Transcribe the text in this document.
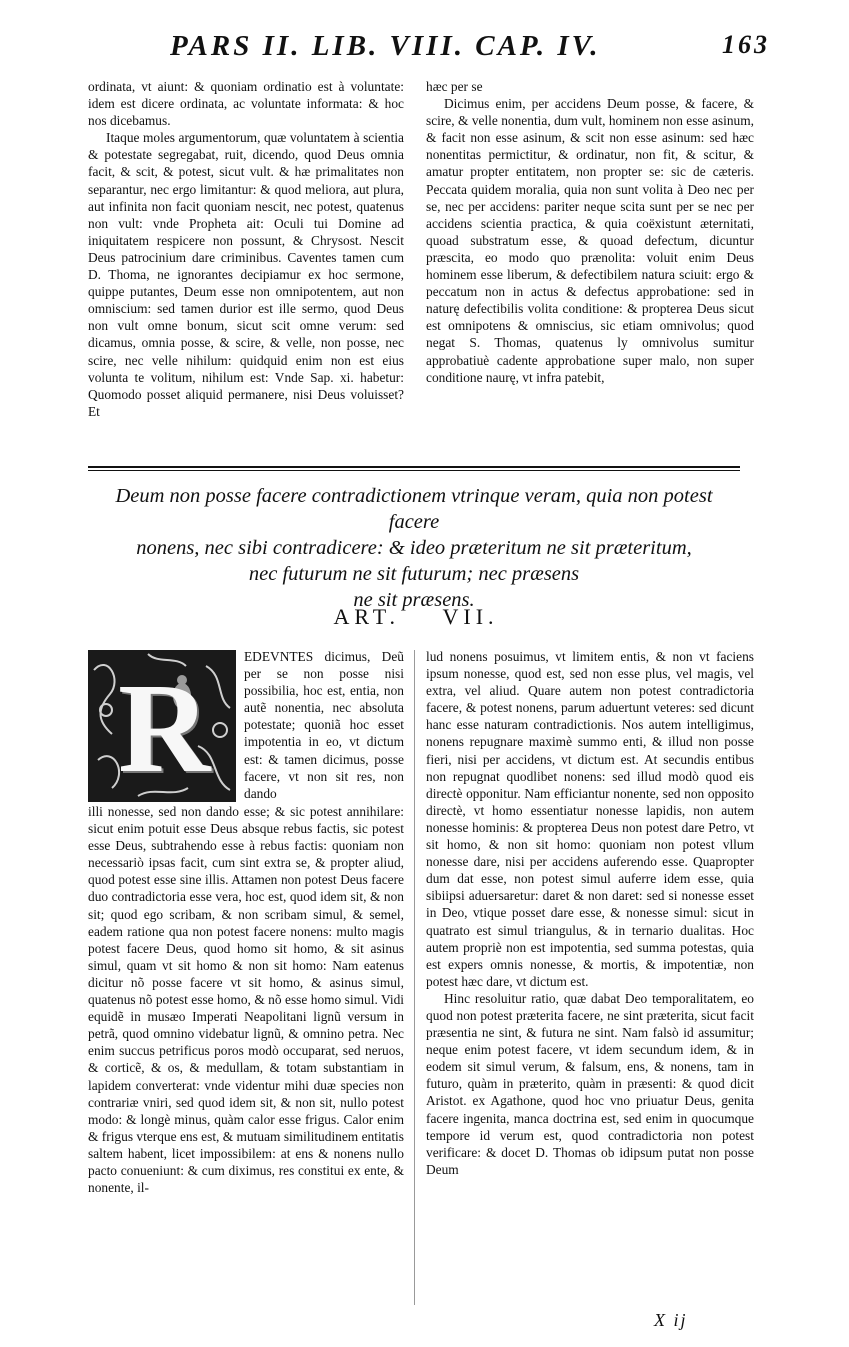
PARS II. LIB. VIII. CAP. IV.	163

ordinata, vt aiunt: & quoniam ordinatio est à voluntate: idem est dicere ordinata, ac voluntate informata: & hoc nos dicebamus.

Itaque moles argumentorum, quæ voluntatem à scientia & potestate segregabat, ruit, dicendo, quod Deus omnia facit, & scit, & potest, sicut vult. & hæ primalitates non separantur, nec ergo limitantur: & quod meliora, aut plura, aut infinita non facit quoniam nescit, nec potest, quatenus non vult: vnde Propheta ait: Oculi tui Domine ad iniquitatem respicere non possunt, & Chrysost. Nescit Deus patrocinium dare criminibus. Caventes tamen cum D. Thoma, ne ignorantes decipiamur ex hoc sermone, quippe putantes, Deum esse non omnipotentem, aut non omniscium: sed tamen durior est ille sermo, quod Deus non vult omne bonum, sicut scit omne verum: sed dicamus, omnia posse, & scire, & velle, non posse, nec scire, nec velle nihilum: quidquid enim non est eius volunta te volitum, nihilum est: Vnde Sap. xi. habetur: Quomodo posset aliquid permanere, nisi Deus voluisset? Et

hæc per se

Dicimus enim, per accidens Deum posse, & facere, & scire, & velle nonentia, dum vult, hominem non esse asinum, & facit non esse asinum, & scit non esse asinum: sed hæc nonentitas permictitur, & ordinatur, non fit, & scitur, & amatur propter entitatem, non propter se: sic de cæteris. Peccata quidem moralia, quia non sunt volita à Deo nec per se, nec per accidens: pariter neque scita sunt per se nec per accidens scientia practica, & quia coëxistunt æternitati, quoad substratum esse, & quoad defectum, dicuntur præscita, eo modo quo prænolita: voluit enim Deus hominem esse liberum, & defectibilem natura sciuit: ergo & peccatum non in actus & defectus approbatione: sed in naturę defectibilis volita conditione: & propterea Deus sicut est omnipotens & omniscius, sic etiam omnivolus; quod negat S. Thomas, quatenus ly omnivolus sumitur approbatiuè cadente approbatione super malo, non super conditione naurę, vt infra patebit,

Deum non posse facere contradictionem vtrinque veram, quia non potest facere
nonens, nec sibi contradicere: & ideo præteritum ne sit præteritum,
nec futurum ne sit futurum; nec præsens
ne sit præsens.
ART. VII.
R

EDEVNTES dicimus, Deũ per se non posse nisi possibilia, hoc est, entia, non autẽ nonentia, nec absoluta potestate; quoniã hoc esset impotentia in eo, vt dictum est: & tamen dicimus, posse facere, vt non sit res, non dando

illi nonesse, sed non dando esse; & sic potest annihilare: sicut enim potuit esse Deus absque rebus factis, sic potest esse Deus, subtrahendo esse à rebus factis: quoniam non necessariò ipsas facit, cum sint extra se, & propter aliud, quod potest esse sine illis. Attamen non potest Deus facere duo contradictoria esse vera, hoc est, quod idem sit, & non sit; quod ego scribam, & non scribam simul, & semel, eadem ratione qua non potest facere nonens: multo magis potest facere Deus, quod homo sit homo, & sit asinus simul, quam vt sit homo & non sit homo: Nam eatenus dicitur nõ posse facere vt sit homo, & asinus simul, quatenus nõ potest esse homo, & nõ esse homo simul. Vidi equidẽ in musæo Imperati Neapolitani lignũ versum in petrã, quod omnino videbatur lignũ, & omnino petra. Nec enim succus petrificus poros modò occuparat, sed neruos, & corticẽ, & os, & medullam, & totam substantiam in lapidem converterat: vnde videntur mihi duæ species non contrariæ vniri, sed quod idem sit, & non sit, nullo potest modo: & longè minus, quàm calor esse frigus. Calor enim & frigus vterque ens est, & mutuam similitudinem entitatis saltem habent, licet impossibilem: at ens & nonens nullo pacto conueniunt: & cum diximus, res constitui ex ente, & nonente, il-

lud nonens posuimus, vt limitem entis, & non vt faciens ipsum nonesse, quod est, sed non esse plus, vel magis, vel extra, vel aliud. Quare autem non potest contradictoria facere, & potest nonens, parum aduertunt veteres: sed dicunt hanc esse naturam contradictionis. Nos autem intelligimus, nonens repugnare maximè summo enti, & illud non posse fieri, nisi per accidens, vt dictum est. At secundis entibus non repugnat quodlibet nonens: sed illud modò quod eis directè opponitur. Nam efficiantur nonente, sed non opposito directè, vt homo essentiatur nonesse lapidis, non autem nonesse hominis: & propterea Deus non potest dare Petro, vt sit homo, & non sit homo: quoniam non potest vllum nonesse dare, nisi per accidens auferendo esse. Quapropter dum dat esse, non potest simul auferre idem esse, quia sibiipsi aduersaretur: daret & non daret: sed si nonesse esset in Deo, vtique posset dare esse, & nonesse simul: sicut in quatrato est simul triangulus, & in ternario dualitas. Hoc autem propriè non est impotentia, sed summa potestas, quia est expers omnis nonesse, & mortis, & impotentiæ, non potest hæc dare, vt dictum est.

Hinc resoluitur ratio, quæ dabat Deo temporalitatem, eo quod non potest præterita facere, ne sint præterita, sicut facit præsentia ne sint, & futura ne sint. Nam falsò id assumitur; neque enim potest facere, vt idem secundum idem, & in eodem sit simul verum, & falsum, ens, & nonens, tam in futuro, quàm in præterito, quàm in præsenti: & quod dicit Aristot. ex Agathone, quod hoc vno priuatur Deus, genita facere ingenita, manca doctrina est, sed enim in quocumque tempore id verum est, quod contradictoria non potest verificare: & docet D. Thomas ob idipsum putat non posse Deum

X ij
